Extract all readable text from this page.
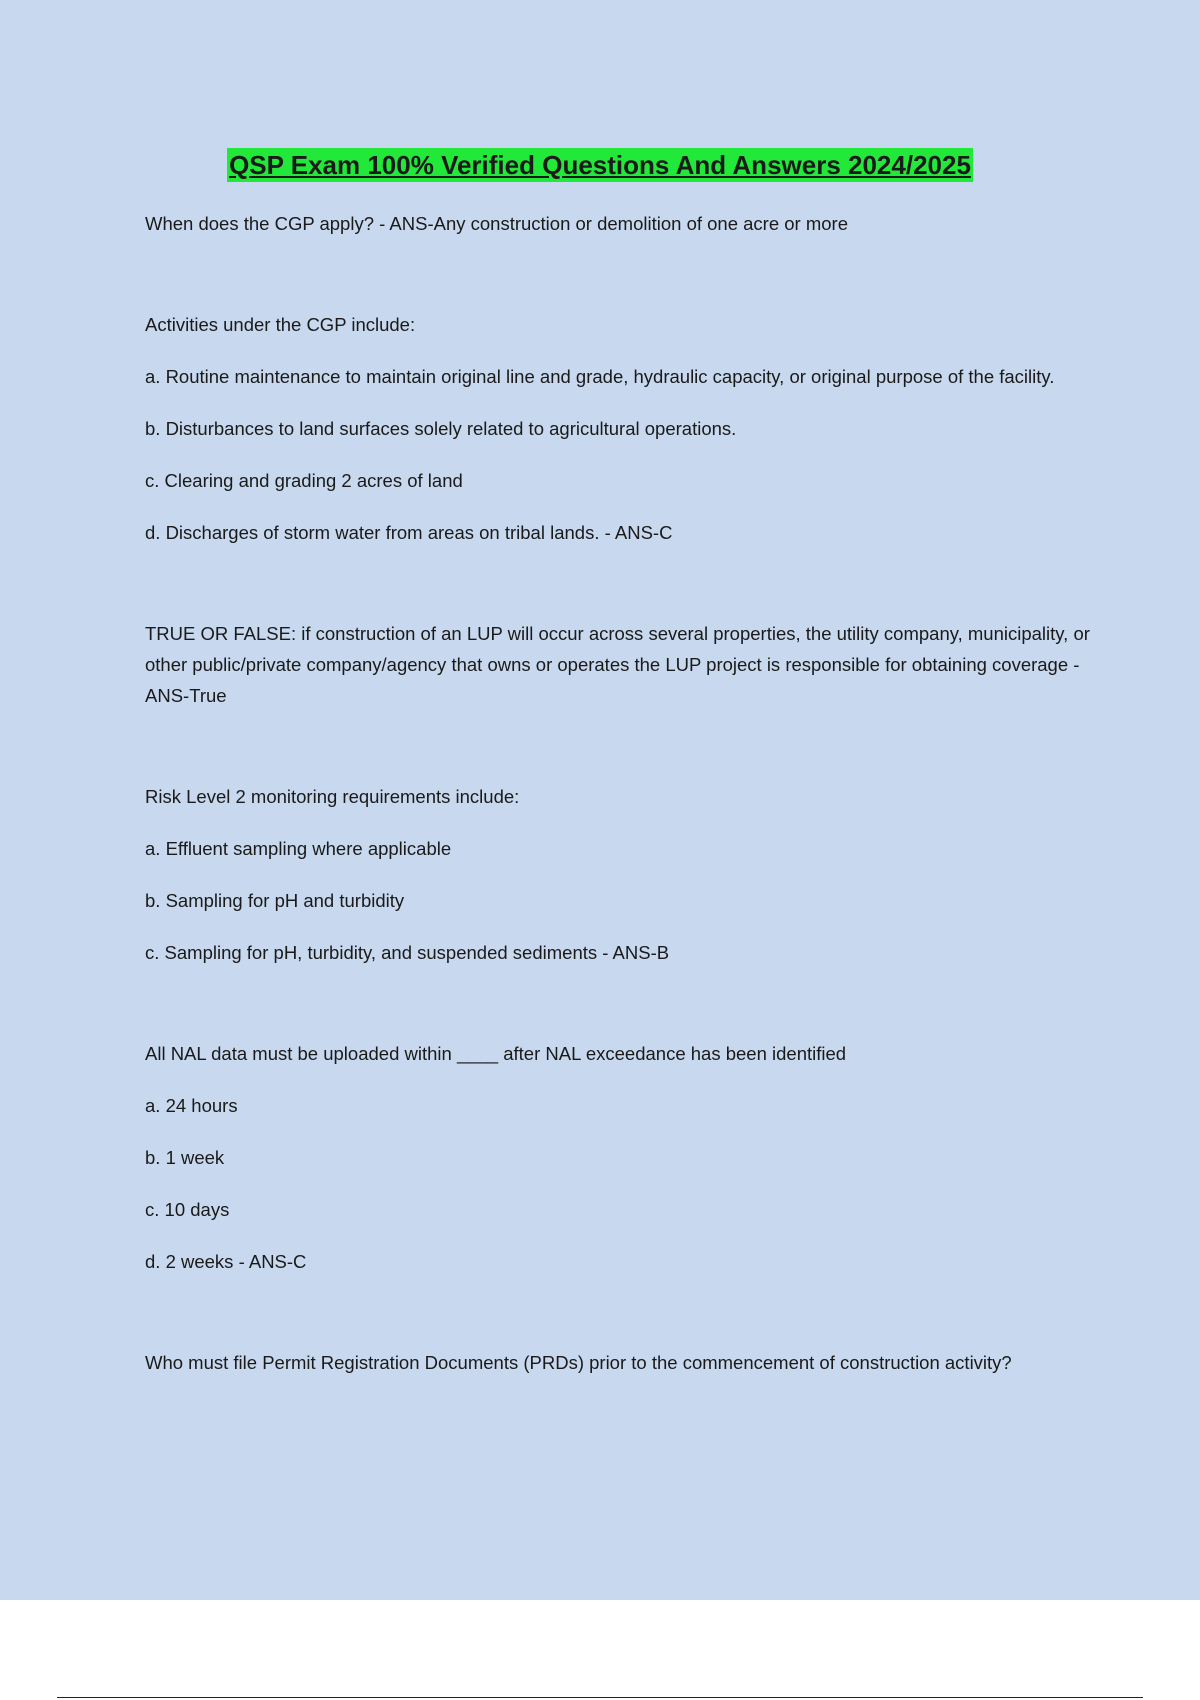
QSP Exam 100% Verified Questions And Answers 2024/2025

When does the CGP apply? - ANS-Any construction or demolition of one acre or more

Activities under the CGP include:

a. Routine maintenance to maintain original line and grade, hydraulic capacity, or original purpose of the facility.

b. Disturbances to land surfaces solely related to agricultural operations.

c. Clearing and grading 2 acres of land

d. Discharges of storm water from areas on tribal lands. - ANS-C

TRUE OR FALSE: if construction of an LUP will occur across several properties, the utility company, municipality, or other public/private company/agency that owns or operates the LUP project is responsible for obtaining coverage - ANS-True

Risk Level 2 monitoring requirements include:

a. Effluent sampling where applicable

b. Sampling for pH and turbidity

c. Sampling for pH, turbidity, and suspended sediments - ANS-B

All NAL data must be uploaded within ____ after NAL exceedance has been identified

a. 24 hours

b. 1 week

c. 10 days

d. 2 weeks - ANS-C

Who must file Permit Registration Documents (PRDs) prior to the commencement of construction activity?
